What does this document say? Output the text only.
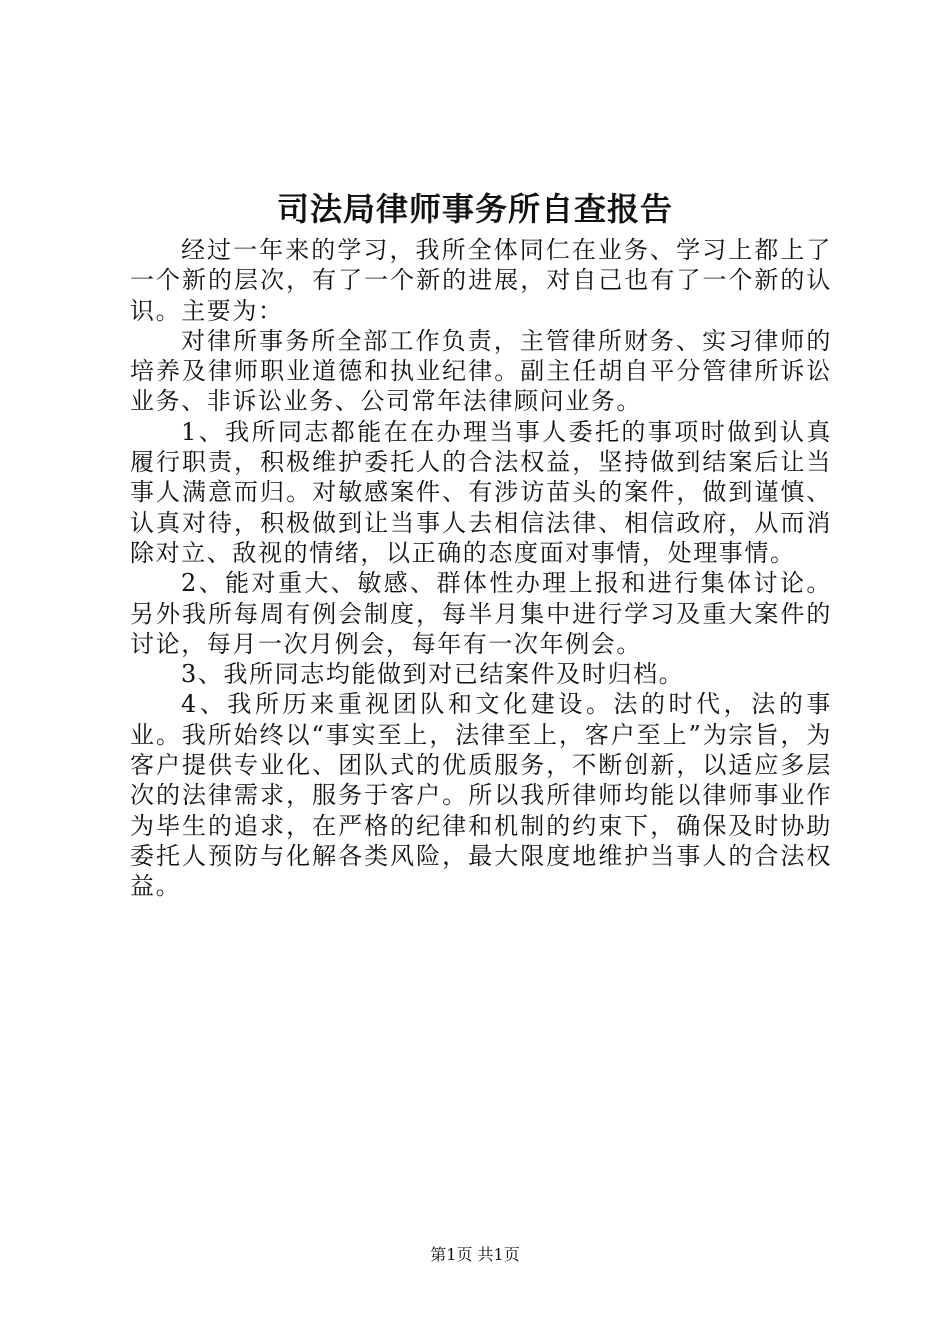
司法局律师事务所自查报告

经过一年来的学习，我所全体同仁在业务、学习上都上了一个新的层次，有了一个新的进展，对自己也有了一个新的认识。主要为：

对律所事务所全部工作负责，主管律所财务、实习律师的培养及律师职业道德和执业纪律。副主任胡自平分管律所诉讼业务、非诉讼业务、公司常年法律顾问业务。

1、我所同志都能在在办理当事人委托的事项时做到认真履行职责，积极维护委托人的合法权益，坚持做到结案后让当事人满意而归。对敏感案件、有涉访苗头的案件，做到谨慎、认真对待，积极做到让当事人去相信法律、相信政府，从而消除对立、敌视的情绪，以正确的态度面对事情，处理事情。

2、能对重大、敏感、群体性办理上报和进行集体讨论。另外我所每周有例会制度，每半月集中进行学习及重大案件的讨论，每月一次月例会，每年有一次年例会。

3、我所同志均能做到对已结案件及时归档。

4、我所历来重视团队和文化建设。法的时代，法的事业。我所始终以“事实至上，法律至上，客户至上”为宗旨，为客户提供专业化、团队式的优质服务，不断创新，以适应多层次的法律需求，服务于客户。所以我所律师均能以律师事业作为毕生的追求，在严格的纪律和机制的约束下，确保及时协助委托人预防与化解各类风险，最大限度地维护当事人的合法权益。

第1页 共1页
